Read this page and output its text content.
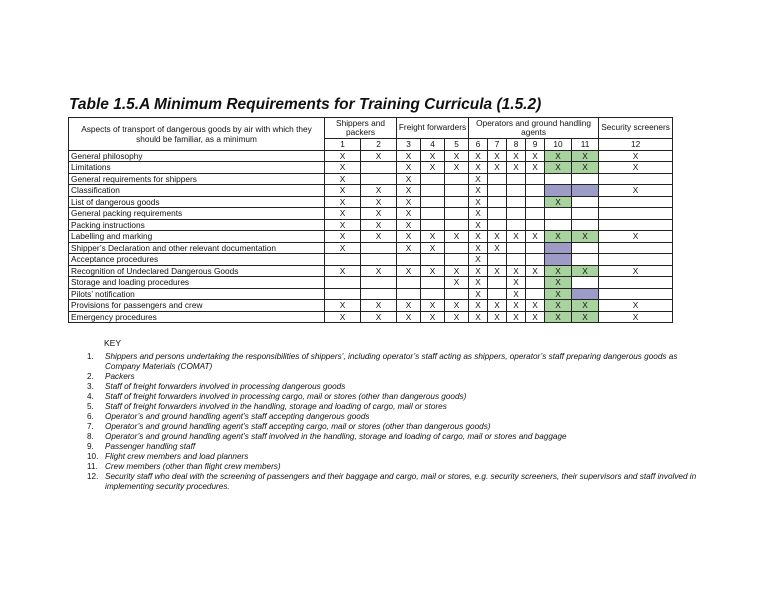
Table 1.5.A Minimum Requirements for Training Curricula (1.5.2)
Aspects of transport of dangerous goods by air with which they should be familiar, as a minimum	Shippers and packers		Freight forwarders			Operators and ground handling agents						Security screeners
	1	2	3	4	5	6	7	8	9	10	11	12
General philosophy	X	X	X	X	X	X	X	X	X	X	X	X
Limitations	X		X	X	X	X	X	X	X	X	X	X
General requirements for shippers	X		X			X						
Classification	X	X	X			X						X
List of dangerous goods	X	X	X			X				X		
General packing requirements	X	X	X			X						
Packing instructions	X	X	X			X						
Labelling and marking	X	X	X	X	X	X	X	X	X	X	X	X
Shipper’s Declaration and other relevant documentation	X		X	X		X	X					
Acceptance procedures						X						
Recognition of Undeclared Dangerous Goods	X	X	X	X	X	X	X	X	X	X	X	X
Storage and loading procedures					X	X		X		X		
Pilots’ notification						X		X		X		
Provisions for passengers and crew	X	X	X	X	X	X	X	X	X	X	X	X
Emergency procedures	X	X	X	X	X	X	X	X	X	X	X	X
KEY
1. Shippers and persons undertaking the responsibilities of shippers’, including operator’s staff acting as shippers, operator’s staff preparing dangerous goods as Company Materials (COMAT)
2. Packers
3. Staff of freight forwarders involved in processing dangerous goods
4. Staff of freight forwarders involved in processing cargo, mail or stores (other than dangerous goods)
5. Staff of freight forwarders involved in the handling, storage and loading of cargo, mail or stores
6. Operator’s and ground handling agent’s staff accepting dangerous goods
7. Operator’s and ground handling agent’s staff accepting cargo, mail or stores (other than dangerous goods)
8. Operator’s and ground handling agent’s staff involved in the handling, storage and loading of cargo, mail or stores and baggage
9. Passenger handling staff
10. Flight crew members and load planners
11. Crew members (other than flight crew members)
12. Security staff who deal with the screening of passengers and their baggage and cargo, mail or stores, e.g. security screeners, their supervisors and staff involved in implementing security procedures.
